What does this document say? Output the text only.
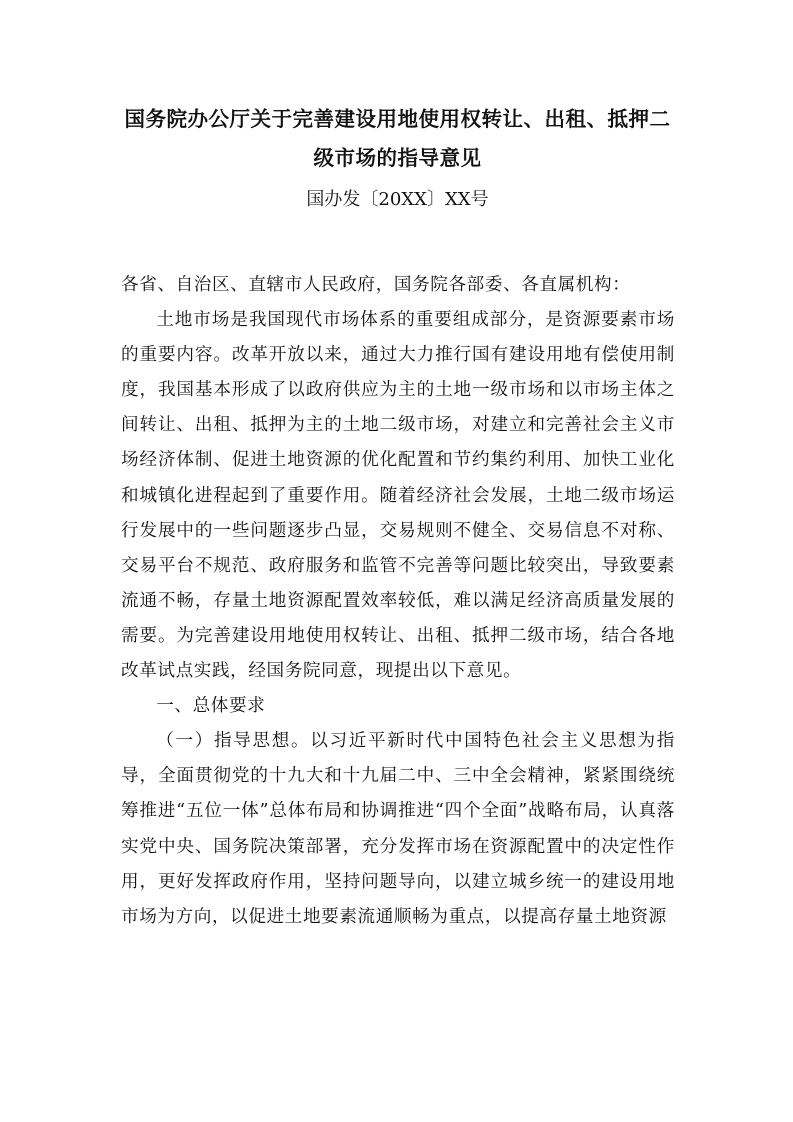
国务院办公厅关于完善建设用地使用权转让、出租、抵押二
级市场的指导意见

国办发〔20XX〕XX号

各省、自治区、直辖市人民政府，国务院各部委、各直属机构：

土地市场是我国现代市场体系的重要组成部分，是资源要素市场的重要内容。改革开放以来，通过大力推行国有建设用地有偿使用制度，我国基本形成了以政府供应为主的土地一级市场和以市场主体之间转让、出租、抵押为主的土地二级市场，对建立和完善社会主义市场经济体制、促进土地资源的优化配置和节约集约利用、加快工业化和城镇化进程起到了重要作用。随着经济社会发展，土地二级市场运行发展中的一些问题逐步凸显，交易规则不健全、交易信息不对称、交易平台不规范、政府服务和监管不完善等问题比较突出，导致要素流通不畅，存量土地资源配置效率较低，难以满足经济高质量发展的需要。为完善建设用地使用权转让、出租、抵押二级市场，结合各地改革试点实践，经国务院同意，现提出以下意见。

一、总体要求

（一）指导思想。以习近平新时代中国特色社会主义思想为指导，全面贯彻党的十九大和十九届二中、三中全会精神，紧紧围绕统筹推进“五位一体”总体布局和协调推进“四个全面”战略布局，认真落实党中央、国务院决策部署，充分发挥市场在资源配置中的决定性作用，更好发挥政府作用，坚持问题导向，以建立城乡统一的建设用地市场为方向，以促进土地要素流通顺畅为重点，以提高存量土地资源
